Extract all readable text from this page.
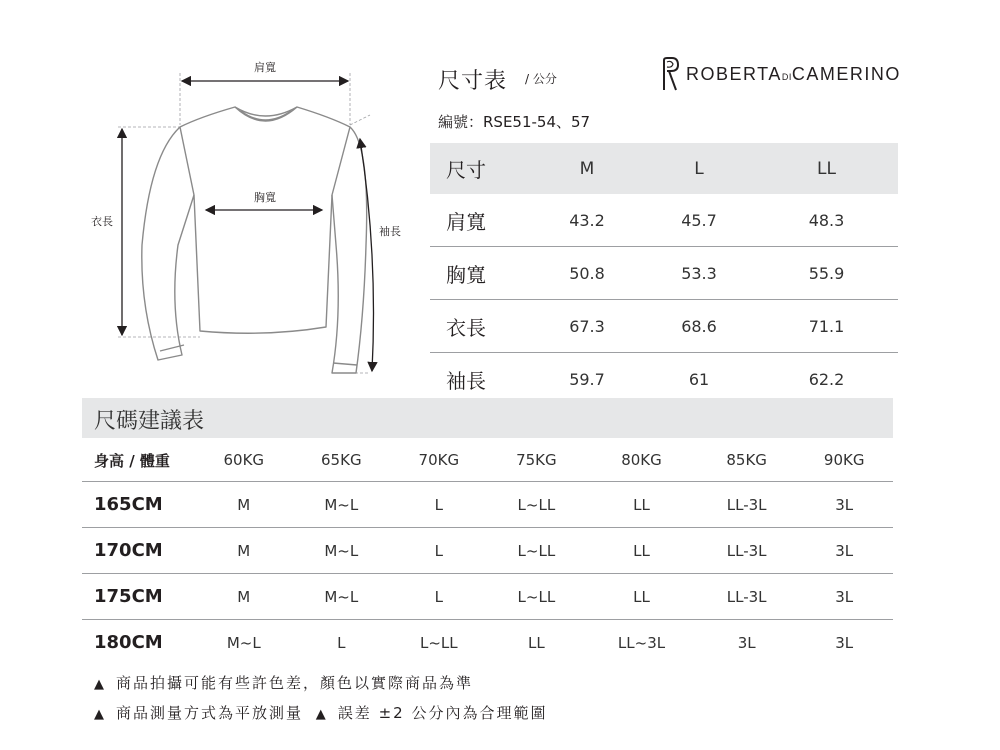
肩寬
胸寬
衣長
袖長
尺寸表 / 公分
編號：RSE51-54、57
ROBERTADICAMERINO
尺寸	M	L	LL
肩寬	43.2	45.7	48.3
胸寬	50.8	53.3	55.9
衣長	67.3	68.6	71.1
袖長	59.7	61	62.2
尺碼建議表
身高 / 體重	60KG	65KG	70KG	75KG	80KG	85KG	90KG
165CM	M	M~L	L	L~LL	LL	LL-3L	3L
170CM	M	M~L	L	L~LL	LL	LL-3L	3L
175CM	M	M~L	L	L~LL	LL	LL-3L	3L
180CM	M~L	L	L~LL	LL	LL~3L	3L	3L
▲ 商品拍攝可能有些許色差，顏色以實際商品為準
▲ 商品測量方式為平放測量 ▲ 誤差 ±2 公分內為合理範圍
